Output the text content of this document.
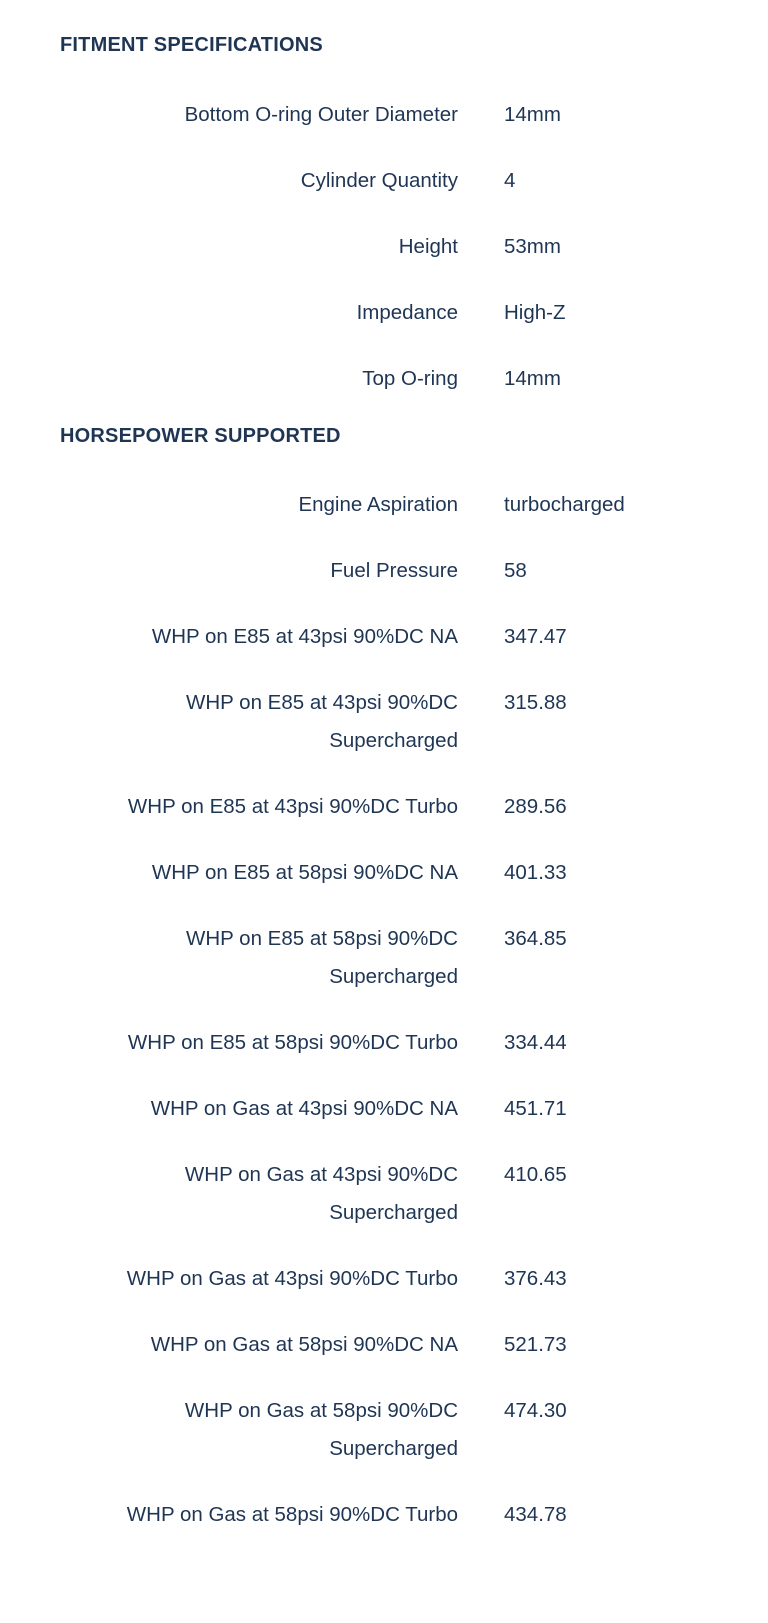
FITMENT SPECIFICATIONS
Bottom O-ring Outer Diameter 14mm
Cylinder Quantity 4
Height 53mm
Impedance High-Z
Top O-ring 14mm
HORSEPOWER SUPPORTED
Engine Aspiration turbocharged
Fuel Pressure 58
WHP on E85 at 43psi 90%DC NA 347.47
WHP on E85 at 43psi 90%DC Supercharged
315.88
WHP on E85 at 43psi 90%DC Turbo 289.56
WHP on E85 at 58psi 90%DC NA 401.33
WHP on E85 at 58psi 90%DC Supercharged
364.85
WHP on E85 at 58psi 90%DC Turbo 334.44
WHP on Gas at 43psi 90%DC NA 451.71
WHP on Gas at 43psi 90%DC Supercharged
410.65
WHP on Gas at 43psi 90%DC Turbo 376.43
WHP on Gas at 58psi 90%DC NA 521.73
WHP on Gas at 58psi 90%DC Supercharged
474.30
WHP on Gas at 58psi 90%DC Turbo 434.78
